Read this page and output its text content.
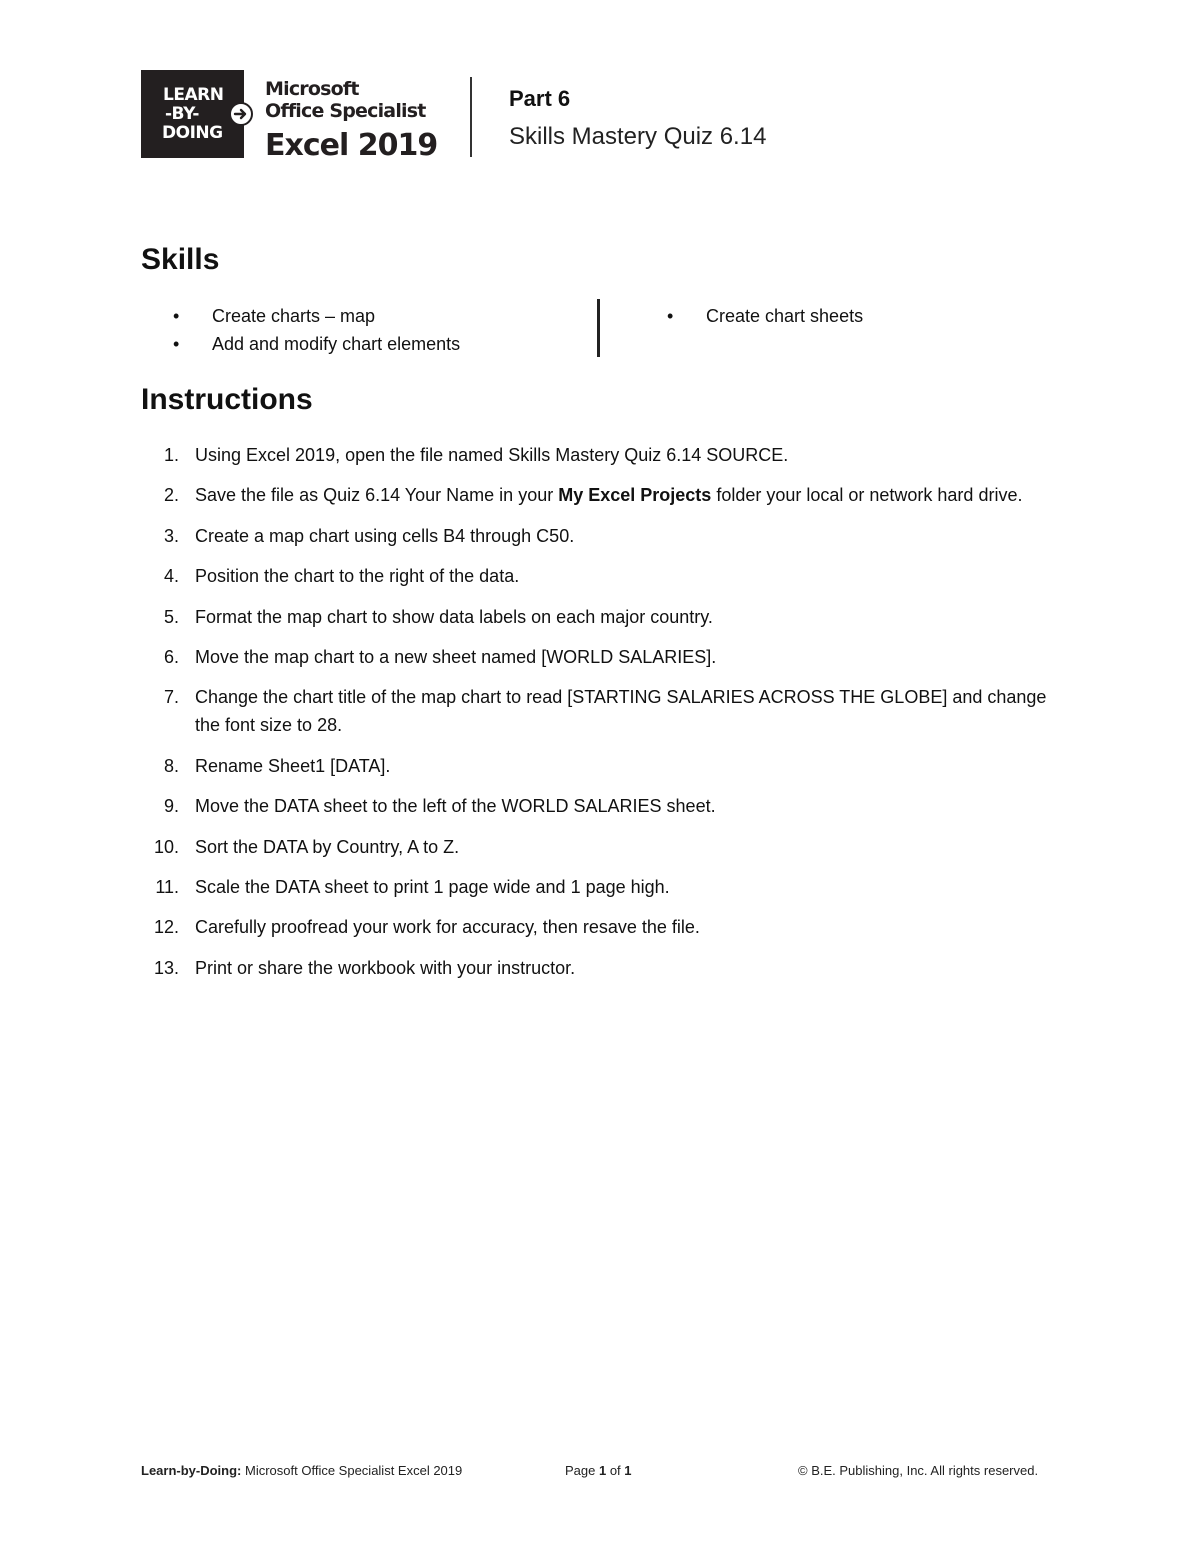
LEARN
-BY-
DOING
Microsoft
Office Specialist
Excel 2019
Part 6
Skills Mastery Quiz 6.14
Skills
• Create charts – map
• Add and modify chart elements
• Create chart sheets
Instructions
1. Using Excel 2019, open the file named Skills Mastery Quiz 6.14 SOURCE.
2. Save the file as Quiz 6.14 Your Name in your My Excel Projects folder your local or network hard drive.
3. Create a map chart using cells B4 through C50.
4. Position the chart to the right of the data.
5. Format the map chart to show data labels on each major country.
6. Move the map chart to a new sheet named [WORLD SALARIES].
7. Change the chart title of the map chart to read [STARTING SALARIES ACROSS THE GLOBE] and change the font size to 28.
8. Rename Sheet1 [DATA].
9. Move the DATA sheet to the left of the WORLD SALARIES sheet.
10. Sort the DATA by Country, A to Z.
11. Scale the DATA sheet to print 1 page wide and 1 page high.
12. Carefully proofread your work for accuracy, then resave the file.
13. Print or share the workbook with your instructor.
Learn-by-Doing: Microsoft Office Specialist Excel 2019	Page 1 of 1	© B.E. Publishing, Inc. All rights reserved.
